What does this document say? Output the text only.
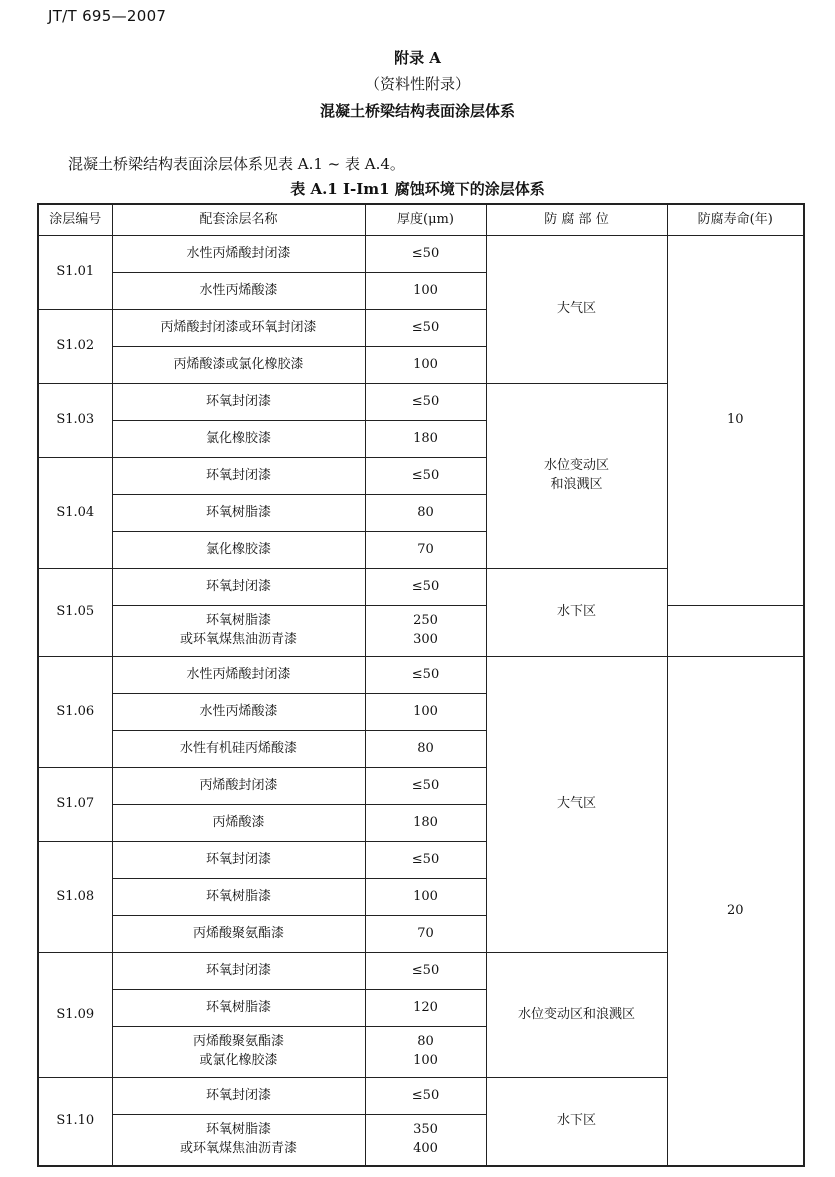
JT/T 695—2007
附录 A
（资料性附录）
混凝土桥梁结构表面涂层体系
混凝土桥梁结构表面涂层体系见表 A.1 ~ 表 A.4。
表 A.1 I-Im1 腐蚀环境下的涂层体系
涂层编号	配套涂层名称	厚度(μm)	防 腐 部 位	防腐寿命(年)
S1.01	水性丙烯酸封闭漆	≤50	大气区	10
	水性丙烯酸漆	100		
S1.02	丙烯酸封闭漆或环氧封闭漆	≤50		
	丙烯酸漆或氯化橡胶漆	100		
S1.03	环氧封闭漆	≤50	水位变动区
和浪溅区	

	氯化橡胶漆	180		
S1.04	环氧封闭漆	≤50		
	环氧树脂漆	80		
	氯化橡胶漆	70		
S1.05	环氧封闭漆	≤50	水下区	

	环氧树脂漆
或环氧煤焦油沥青漆	250
300		

S1.06	水性丙烯酸封闭漆	≤50	大气区	20
	水性丙烯酸漆	100		
	水性有机硅丙烯酸漆	80		
S1.07	丙烯酸封闭漆	≤50		
	丙烯酸漆	180		
S1.08	环氧封闭漆	≤50		
	环氧树脂漆	100		
	丙烯酸聚氨酯漆	70		
S1.09	环氧封闭漆	≤50	水位变动区和浪溅区	
	环氧树脂漆	120		

	丙烯酸聚氨酯漆
或氯化橡胶漆	80
100		

S1.10	环氧封闭漆	≤50	水下区	

	环氧树脂漆
或环氧煤焦油沥青漆	350
400		
